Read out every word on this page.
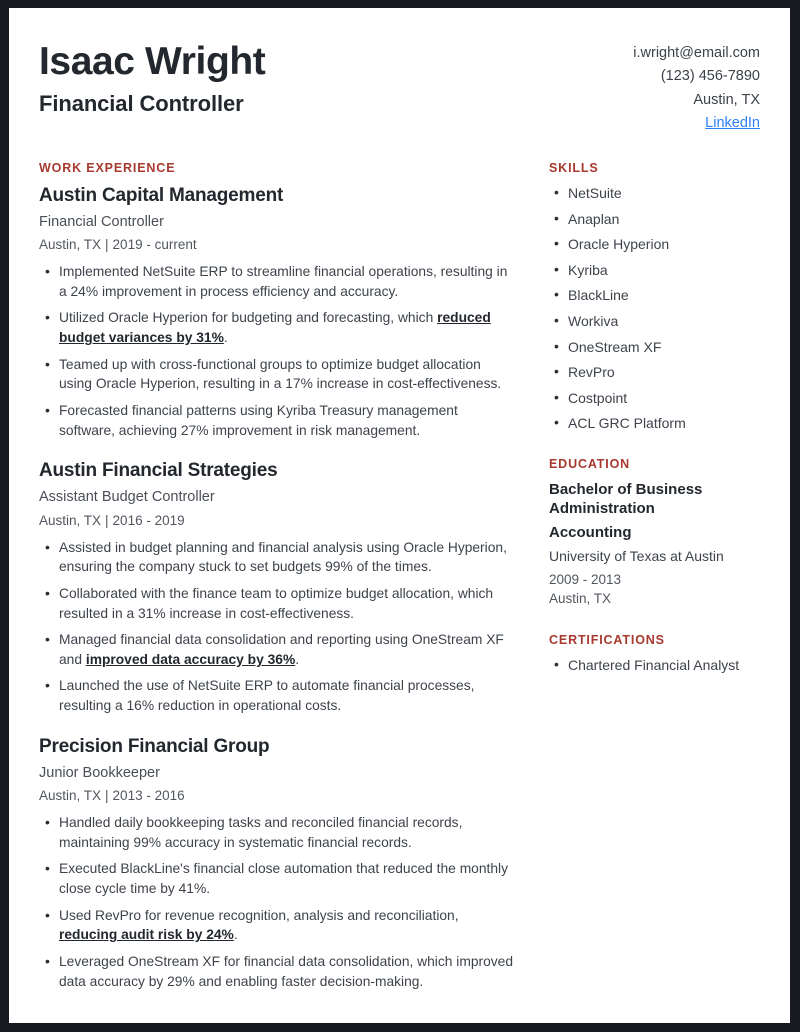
Isaac Wright
Financial Controller
i.wright@email.com
(123) 456-7890
Austin, TX
LinkedIn
WORK EXPERIENCE
Austin Capital Management
Financial Controller
Austin, TX | 2019 - current
• Implemented NetSuite ERP to streamline financial operations, resulting in a 24% improvement in process efficiency and accuracy.
• Utilized Oracle Hyperion for budgeting and forecasting, which reduced budget variances by 31%.
• Teamed up with cross-functional groups to optimize budget allocation using Oracle Hyperion, resulting in a 17% increase in cost-effectiveness.
• Forecasted financial patterns using Kyriba Treasury management software, achieving 27% improvement in risk management.
Austin Financial Strategies
Assistant Budget Controller
Austin, TX | 2016 - 2019
• Assisted in budget planning and financial analysis using Oracle Hyperion, ensuring the company stuck to set budgets 99% of the times.
• Collaborated with the finance team to optimize budget allocation, which resulted in a 31% increase in cost-effectiveness.
• Managed financial data consolidation and reporting using OneStream XF and improved data accuracy by 36%.
• Launched the use of NetSuite ERP to automate financial processes, resulting a 16% reduction in operational costs.
Precision Financial Group
Junior Bookkeeper
Austin, TX | 2013 - 2016
• Handled daily bookkeeping tasks and reconciled financial records, maintaining 99% accuracy in systematic financial records.
• Executed BlackLine's financial close automation that reduced the monthly close cycle time by 41%.
• Used RevPro for revenue recognition, analysis and reconciliation, reducing audit risk by 24%.
• Leveraged OneStream XF for financial data consolidation, which improved data accuracy by 29% and enabling faster decision-making.
SKILLS
• NetSuite
• Anaplan
• Oracle Hyperion
• Kyriba
• BlackLine
• Workiva
• OneStream XF
• RevPro
• Costpoint
• ACL GRC Platform
EDUCATION
Bachelor of Business Administration
Accounting
University of Texas at Austin
2009 - 2013
Austin, TX
CERTIFICATIONS
• Chartered Financial Analyst
